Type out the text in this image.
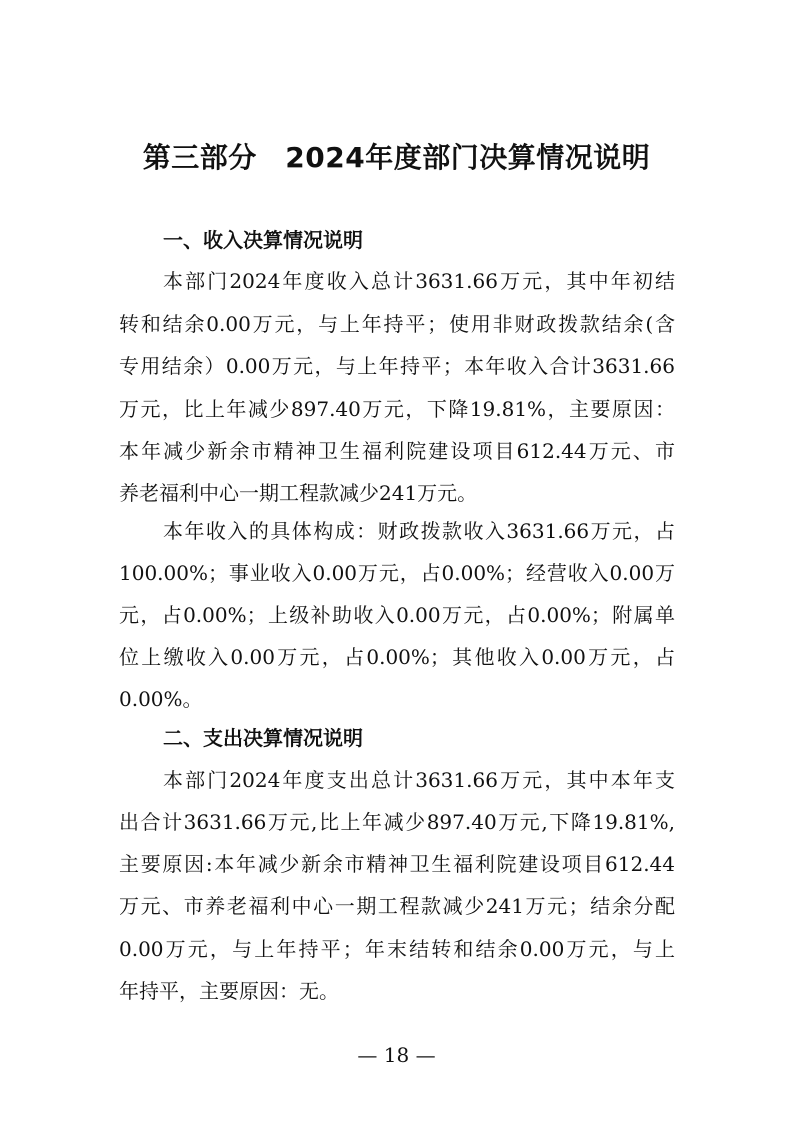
第三部分　2024年度部门决算情况说明
一、收入决算情况说明
本部门2024年度收入总计3631.66万元，其中年初结
转和结余0.00万元，与上年持平；使用非财政拨款结余(含
专用结余）0.00万元，与上年持平；本年收入合计3631.66
万元，比上年减少897.40万元，下降19.81%，主要原因：
本年减少新余市精神卫生福利院建设项目612.44万元、市
养老福利中心一期工程款减少241万元。
本年收入的具体构成：财政拨款收入3631.66万元，占
100.00%；事业收入0.00万元，占0.00%；经营收入0.00万
元，占0.00%；上级补助收入0.00万元，占0.00%；附属单
位上缴收入0.00万元，占0.00%；其他收入0.00万元，占
0.00%。
二、支出决算情况说明
本部门2024年度支出总计3631.66万元，其中本年支
出合计3631.66万元,比上年减少897.40万元,下降19.81%,
主要原因:本年减少新余市精神卫生福利院建设项目612.44
万元、市养老福利中心一期工程款减少241万元；结余分配
0.00万元，与上年持平；年末结转和结余0.00万元，与上
年持平，主要原因：无。
— 18 —
